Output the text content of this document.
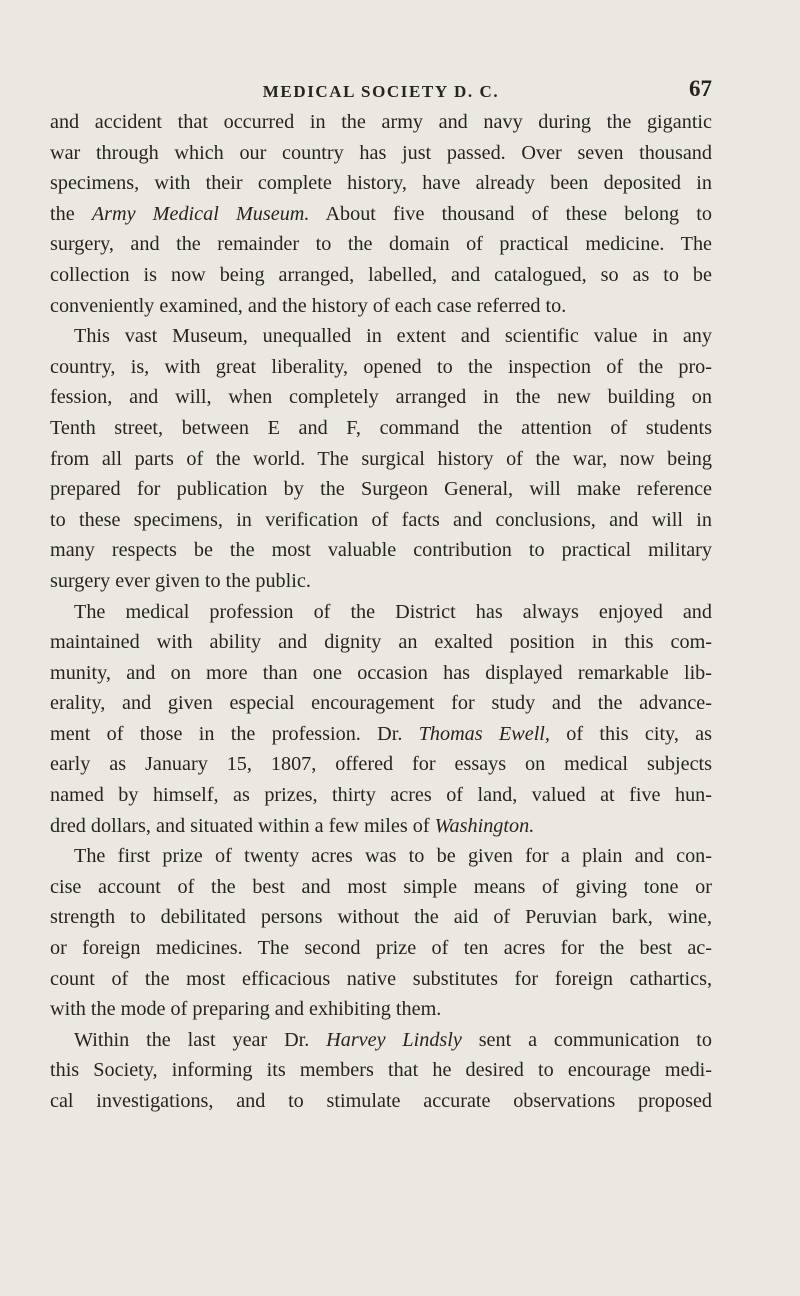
MEDICAL SOCIETY D. C.	67
and accident that occurred in the army and navy during the gigantic
war through which our country has just passed. Over seven thousand
specimens, with their complete history, have already been deposited in
the Army Medical Museum. About five thousand of these belong to
surgery, and the remainder to the domain of practical medicine. The
collection is now being arranged, labelled, and catalogued, so as to be
conveniently examined, and the history of each case referred to.
This vast Museum, unequalled in extent and scientific value in any
country, is, with great liberality, opened to the inspection of the pro-
fession, and will, when completely arranged in the new building on
Tenth street, between E and F, command the attention of students
from all parts of the world. The surgical history of the war, now being
prepared for publication by the Surgeon General, will make reference
to these specimens, in verification of facts and conclusions, and will in
many respects be the most valuable contribution to practical military
surgery ever given to the public.
The medical profession of the District has always enjoyed and
maintained with ability and dignity an exalted position in this com-
munity, and on more than one occasion has displayed remarkable lib-
erality, and given especial encouragement for study and the advance-
ment of those in the profession. Dr. Thomas Ewell, of this city, as
early as January 15, 1807, offered for essays on medical subjects
named by himself, as prizes, thirty acres of land, valued at five hun-
dred dollars, and situated within a few miles of Washington.
The first prize of twenty acres was to be given for a plain and con-
cise account of the best and most simple means of giving tone or
strength to debilitated persons without the aid of Peruvian bark, wine,
or foreign medicines. The second prize of ten acres for the best ac-
count of the most efficacious native substitutes for foreign cathartics,
with the mode of preparing and exhibiting them.
Within the last year Dr. Harvey Lindsly sent a communication to
this Society, informing its members that he desired to encourage medi-
cal investigations, and to stimulate accurate observations proposed
